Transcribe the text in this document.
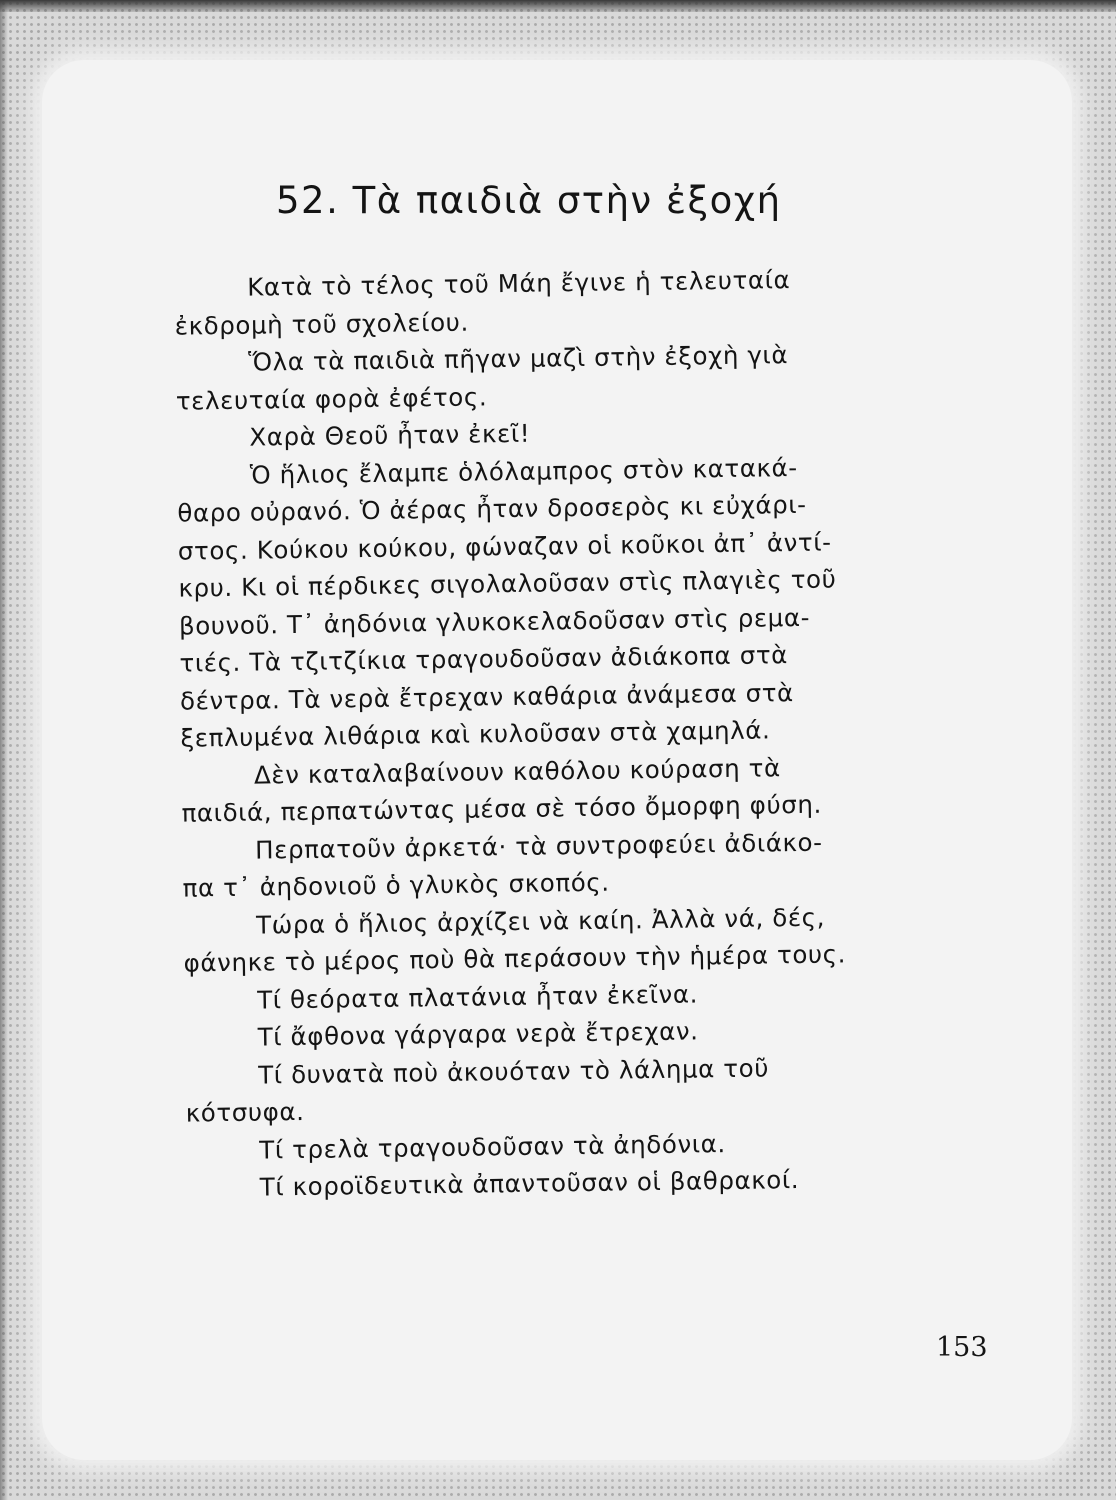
52. Τὰ παιδιὰ στὴν ἐξοχή
Κατὰ τὸ τέλος τοῦ Μάη ἔγινε ἡ τελευταία
ἐκδρομὴ τοῦ σχολείου.
Ὅλα τὰ παιδιὰ πῆγαν μαζὶ στὴν ἐξοχὴ γιὰ
τελευταία φορὰ ἐφέτος.
Χαρὰ Θεοῦ ἦταν ἐκεῖ!
Ὁ ἥλιος ἔλαμπε ὁλόλαμπρος στὸν κατακά-
θαρο οὐρανό. Ὁ ἀέρας ἦταν δροσερὸς κι εὐχάρι-
στος. Κούκου κούκου, φώναζαν οἱ κοῦκοι ἀπ᾽ ἀντί-
κρυ. Κι οἱ πέρδικες σιγολαλοῦσαν στὶς πλαγιὲς τοῦ
βουνοῦ. Τ᾽ ἀηδόνια γλυκοκελαδοῦσαν στὶς ρεμα-
τιές. Τὰ τζιτζίκια τραγουδοῦσαν ἀδιάκοπα στὰ
δέντρα. Τὰ νερὰ ἔτρεχαν καθάρια ἀνάμεσα στὰ
ξεπλυμένα λιθάρια καὶ κυλοῦσαν στὰ χαμηλά.
Δὲν καταλαβαίνουν καθόλου κούραση τὰ
παιδιά, περπατώντας μέσα σὲ τόσο ὄμορφη φύση.
Περπατοῦν ἀρκετά· τὰ συντροφεύει ἀδιάκο-
πα τ᾽ ἀηδονιοῦ ὁ γλυκὸς σκοπός.
Τώρα ὁ ἥλιος ἀρχίζει νὰ καίη. Ἀλλὰ νά, δές,
φάνηκε τὸ μέρος ποὺ θὰ περάσουν τὴν ἡμέρα τους.
Τί θεόρατα πλατάνια ἦταν ἐκεῖνα.
Τί ἄφθονα γάργαρα νερὰ ἔτρεχαν.
Τί δυνατὰ ποὺ ἀκουόταν τὸ λάλημα τοῦ
κότσυφα.
Τί τρελὰ τραγουδοῦσαν τὰ ἀηδόνια.
Τί κοροϊδευτικὰ ἀπαντοῦσαν οἱ βαθρακοί.
153
